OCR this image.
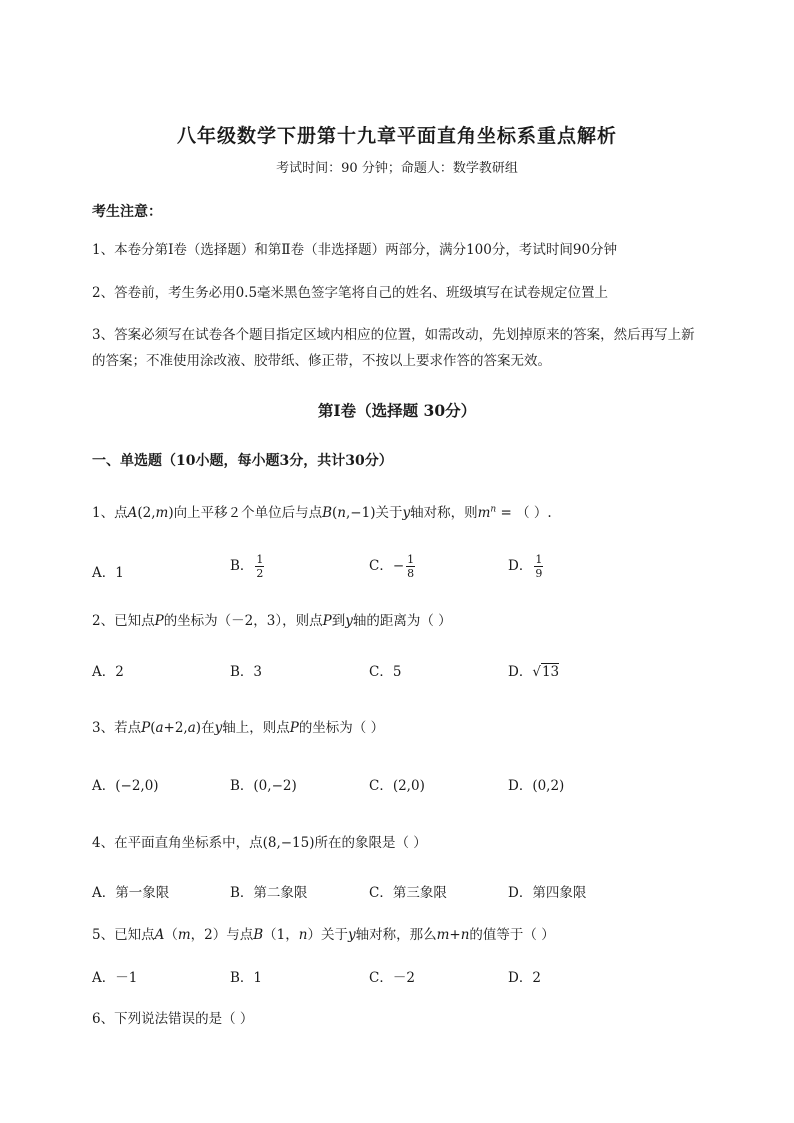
八年级数学下册第十九章平面直角坐标系重点解析
考试时间：90 分钟；命题人：数学教研组
考生注意：
1、本卷分第I卷（选择题）和第Ⅱ卷（非选择题）两部分，满分100分，考试时间90分钟
2、答卷前，考生务必用0.5毫米黑色签字笔将自己的姓名、班级填写在试卷规定位置上
3、答案必须写在试卷各个题目指定区域内相应的位置，如需改动，先划掉原来的答案，然后再写上新
的答案；不准使用涂改液、胶带纸、修正带，不按以上要求作答的答案无效。
第I卷（选择题 30分）
一、单选题（10小题，每小题3分，共计30分）
1、点A(2,m)向上平移２个单位后与点B(n,−1)关于y轴对称，则$m^n$ = （ ）.
A．1	B． $\frac{1}{2}$	C．− $\frac{1}{8}$	D． $\frac{1}{9}$
2、已知点P的坐标为（－2，3），则点P到y轴的距离为（ ）
A．2	B．3	C．5	D．√13
3、若点P(a+2,a)在y轴上，则点P的坐标为（ ）
A．(−2,0)	B．(0,−2)	C．(2,0)	D．(0,2)
4、在平面直角坐标系中，点(8,−15)所在的象限是（ ）
A．第一象限	B．第二象限	C．第三象限	D．第四象限
5、已知点A（m，2）与点B（1，n）关于y轴对称，那么m+n的值等于（ ）
A．－1	B．1	C．－2	D．2
6、下列说法错误的是（ ）
